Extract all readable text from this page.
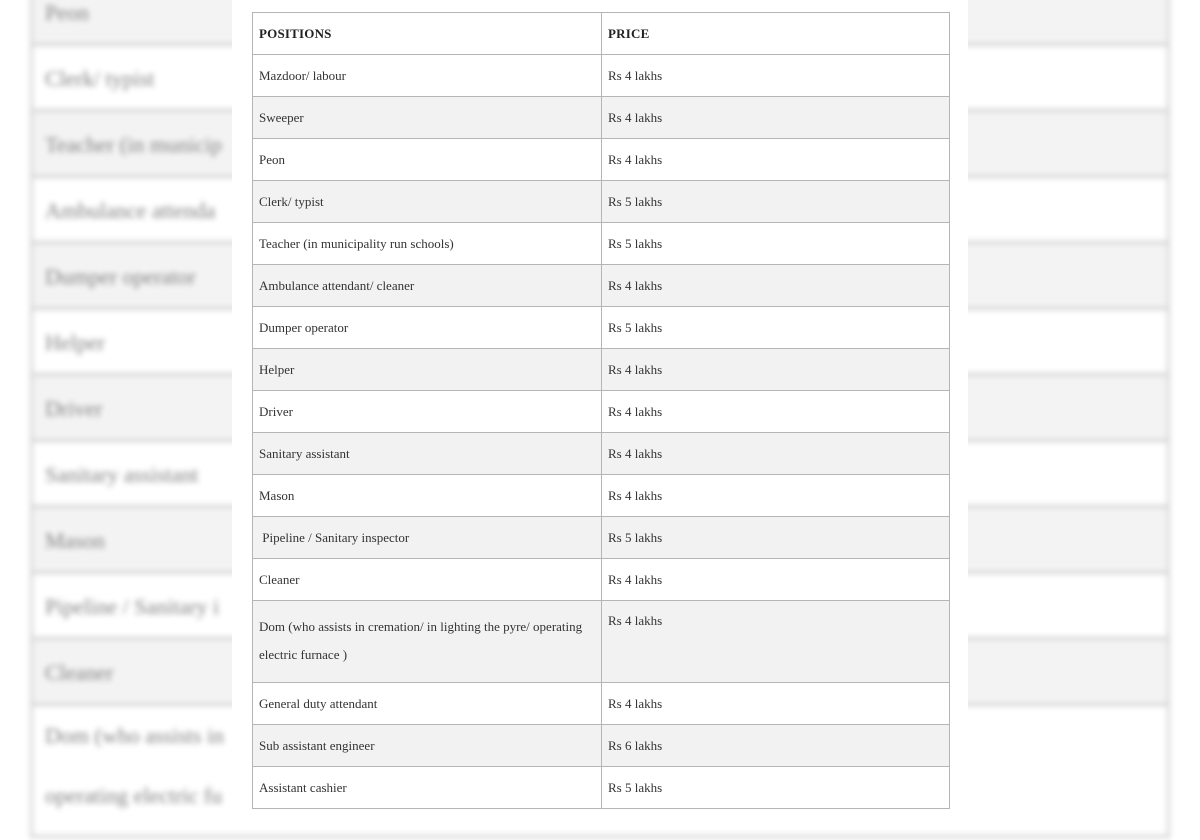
Peon
Clerk/ typist
Teacher (in municip
Ambulance attenda
Dumper operator
Helper
Driver
Sanitary assistant
Mason
Pipeline / Sanitary i
Cleaner
Dom (who assists in
operating electric fu
POSITIONS	PRICE
Mazdoor/ labour	Rs 4 lakhs
Sweeper	Rs 4 lakhs
Peon	Rs 4 lakhs
Clerk/ typist	Rs 5 lakhs
Teacher (in municipality run schools)	Rs 5 lakhs
Ambulance attendant/ cleaner	Rs 4 lakhs
Dumper operator	Rs 5 lakhs
Helper	Rs 4 lakhs
Driver	Rs 4 lakhs
Sanitary assistant	Rs 4 lakhs
Mason	Rs 4 lakhs
Pipeline / Sanitary inspector	Rs 5 lakhs
Cleaner	Rs 4 lakhs
Dom (who assists in cremation/ in lighting the pyre/ operating electric furnace )	Rs 4 lakhs
General duty attendant	Rs 4 lakhs
Sub assistant engineer	Rs 6 lakhs
Assistant cashier	Rs 5 lakhs
